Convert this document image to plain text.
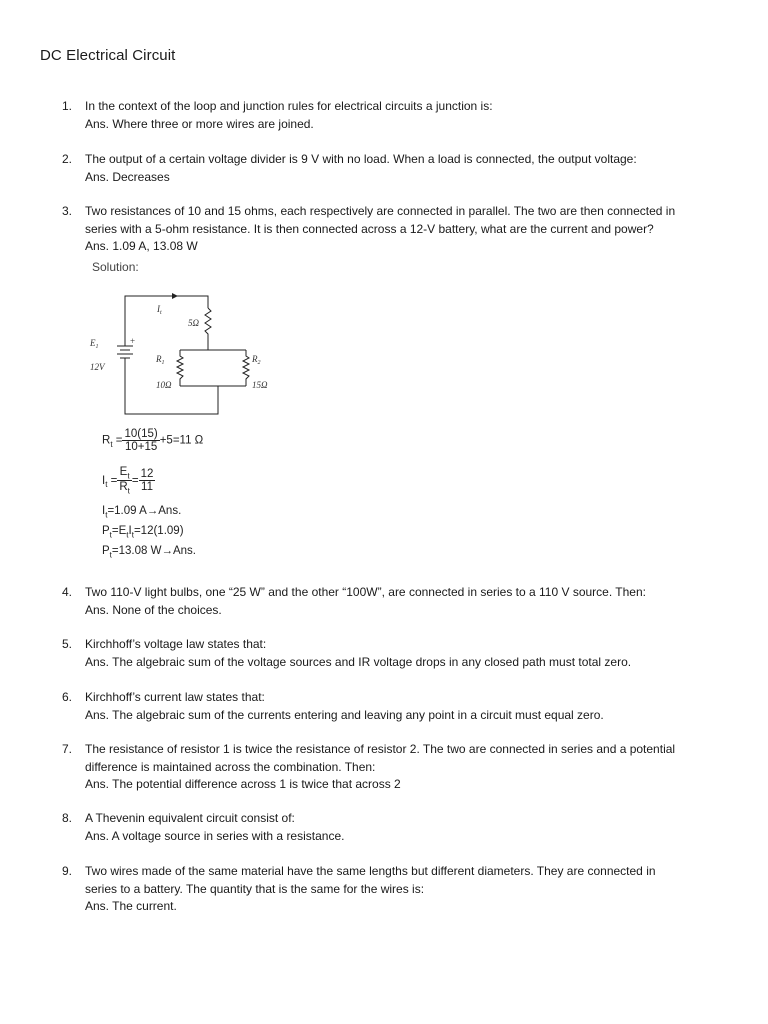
DC Electrical Circuit
1. In the context of the loop and junction rules for electrical circuits a junction is:
Ans. Where three or more wires are joined.
2. The output of a certain voltage divider is 9 V with no load. When a load is connected, the output voltage:
Ans. Decreases
3. Two resistances of 10 and 15 ohms, each respectively are connected in parallel. The two are then connected in
series with a 5-ohm resistance. It is then connected across a 12-V battery, what are the current and power?
Ans. 1.09 A, 13.08 W
Solution:
$I_t$
$E_1$
12V
+
5Ω
$R_1$
10Ω
$R_2$
15Ω
$R_t = \frac{10(15)}{10+15} +5=11$ Ω
$I_t = \frac{E_t}{R_t} = \frac{12}{11}$
$I_t=1.09$ A→Ans.
$P_t=E_tI_t=12(1.09)$
$P_t=13.08$ W→Ans.
4. Two 110-V light bulbs, one “25 W” and the other “100W”, are connected in series to a 110 V source. Then:
Ans. None of the choices.
5. Kirchhoff’s voltage law states that:
Ans. The algebraic sum of the voltage sources and IR voltage drops in any closed path must total zero.
6. Kirchhoff’s current law states that:
Ans. The algebraic sum of the currents entering and leaving any point in a circuit must equal zero.
7. The resistance of resistor 1 is twice the resistance of resistor 2. The two are connected in series and a potential
difference is maintained across the combination. Then:
Ans. The potential difference across 1 is twice that across 2
8. A Thevenin equivalent circuit consist of:
Ans. A voltage source in series with a resistance.
9. Two wires made of the same material have the same lengths but different diameters. They are connected in
series to a battery. The quantity that is the same for the wires is:
Ans. The current.
